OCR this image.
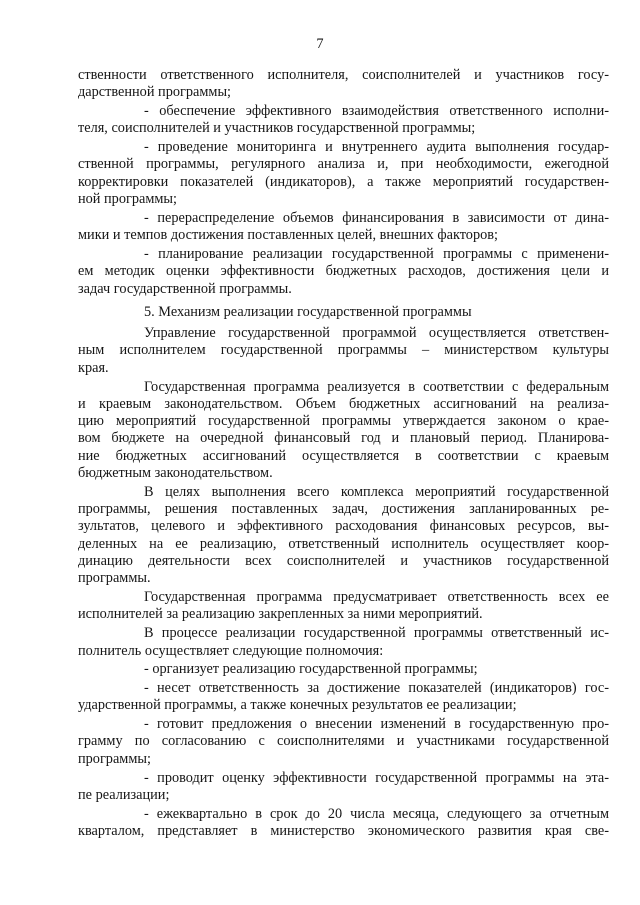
7
ственности ответственного исполнителя, соисполнителей и участников госу-
дарственной программы;
- обеспечение эффективного взаимодействия ответственного исполни-
теля, соисполнителей и участников государственной программы;
- проведение мониторинга и внутреннего аудита выполнения государ-
ственной программы, регулярного анализа и, при необходимости, ежегодной
корректировки показателей (индикаторов), а также мероприятий государствен-
ной программы;
- перераспределение объемов финансирования в зависимости от дина-
мики и темпов достижения поставленных целей, внешних факторов;
- планирование реализации государственной программы с применени-
ем методик оценки эффективности бюджетных расходов, достижения цели и
задач государственной программы.
5. Механизм реализации государственной программы
Управление государственной программой осуществляется ответствен-
ным исполнителем государственной программы – министерством культуры
края.
Государственная программа реализуется в соответствии с федеральным
и краевым законодательством. Объем бюджетных ассигнований на реализа-
цию мероприятий государственной программы утверждается законом о крае-
вом бюджете на очередной финансовый год и плановый период. Планирова-
ние бюджетных ассигнований осуществляется в соответствии с краевым
бюджетным законодательством.
В целях выполнения всего комплекса мероприятий государственной
программы, решения поставленных задач, достижения запланированных ре-
зультатов, целевого и эффективного расходования финансовых ресурсов, вы-
деленных на ее реализацию, ответственный исполнитель осуществляет коор-
динацию деятельности всех соисполнителей и участников государственной
программы.
Государственная программа предусматривает ответственность всех ее
исполнителей за реализацию закрепленных за ними мероприятий.
В процессе реализации государственной программы ответственный ис-
полнитель осуществляет следующие полномочия:
- организует реализацию государственной программы;
- несет ответственность за достижение показателей (индикаторов) гос-
ударственной программы, а также конечных результатов ее реализации;
- готовит предложения о внесении изменений в государственную про-
грамму по согласованию с соисполнителями и участниками государственной
программы;
- проводит оценку эффективности государственной программы на эта-
пе реализации;
- ежеквартально в срок до 20 числа месяца, следующего за отчетным
кварталом, представляет в министерство экономического развития края све-
